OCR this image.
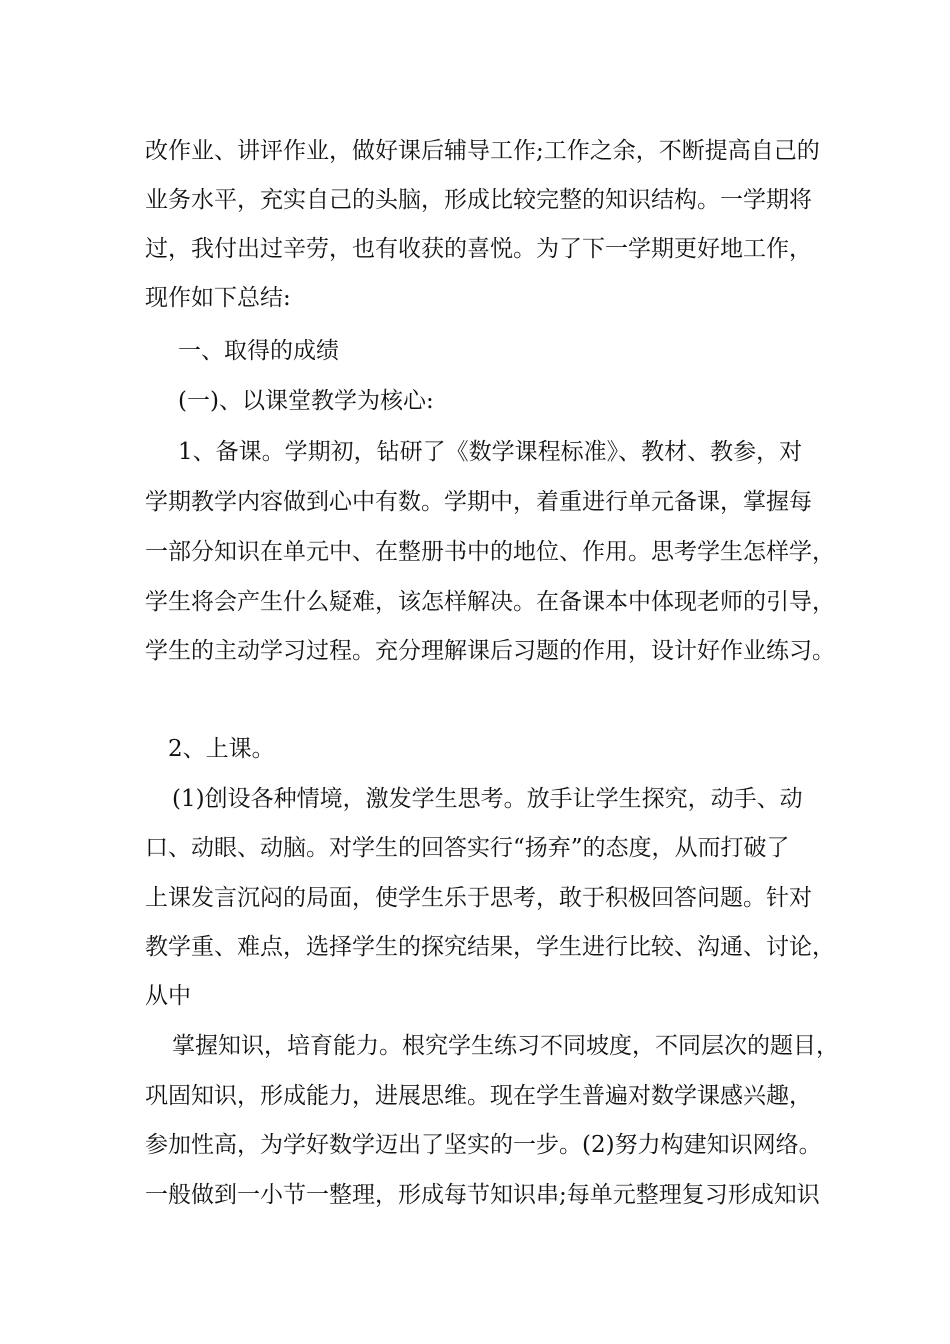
改作业、讲评作业，做好课后辅导工作;工作之余，不断提高自己的
业务水平，充实自己的头脑，形成比较完整的知识结构。一学期将
过，我付出过辛劳，也有收获的喜悦。为了下一学期更好地工作，
现作如下总结:
一、取得的成绩
(一)、以课堂教学为核心:
1、备课。学期初，钻研了《数学课程标准》、教材、教参，对
学期教学内容做到心中有数。学期中，着重进行单元备课，掌握每
一部分知识在单元中、在整册书中的地位、作用。思考学生怎样学，
学生将会产生什么疑难，该怎样解决。在备课本中体现老师的引导，
学生的主动学习过程。充分理解课后习题的作用，设计好作业练习。
2、上课。
(1)创设各种情境，激发学生思考。放手让学生探究，动手、动
口、动眼、动脑。对学生的回答实行“扬弃”的态度，从而打破了
上课发言沉闷的局面，使学生乐于思考，敢于积极回答问题。针对
教学重、难点，选择学生的探究结果，学生进行比较、沟通、讨论，
从中
掌握知识，培育能力。根究学生练习不同坡度，不同层次的题目，
巩固知识，形成能力，进展思维。现在学生普遍对数学课感兴趣，
参加性高，为学好数学迈出了坚实的一步。(2)努力构建知识网络。
一般做到一小节一整理，形成每节知识串;每单元整理复习形成知识
